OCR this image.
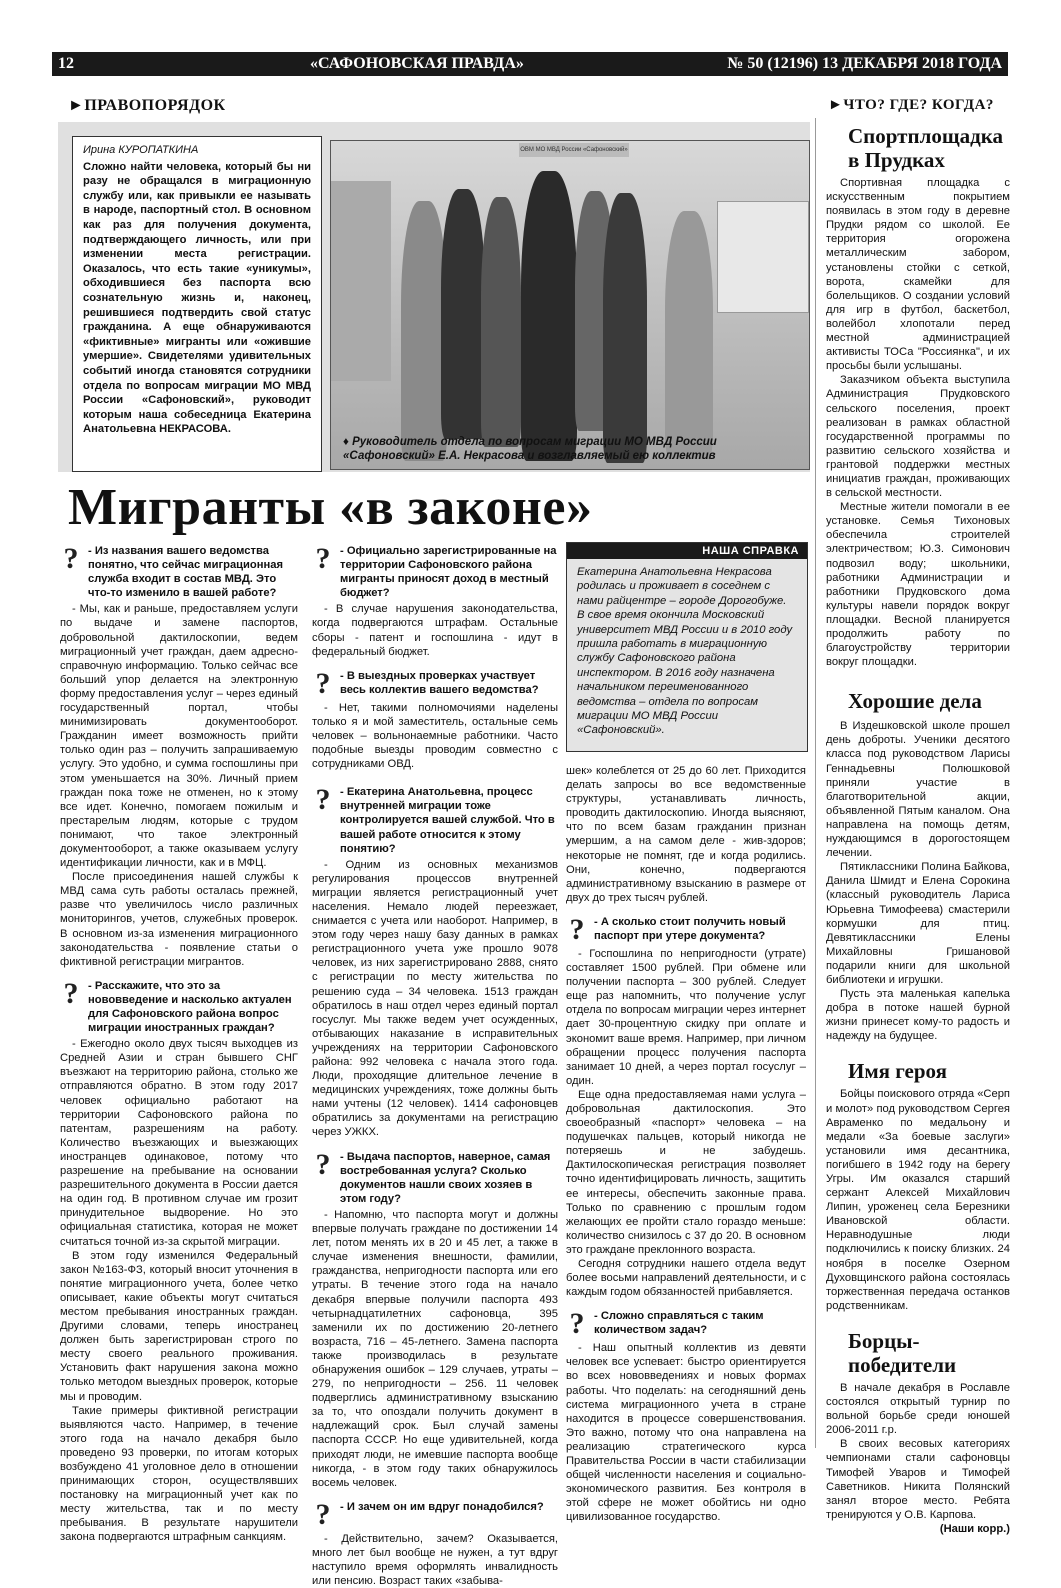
12	«САФОНОВСКАЯ ПРАВДА»	№ 50 (12196) 13 ДЕКАБРЯ 2018 ГОДА
►ПРАВОПОРЯДОК	►ЧТО? ГДЕ? КОГДА?
Ирина КУРОПАТКИНА
Сложно найти человека, который бы ни разу не обращался в миграционную службу или, как привыкли ее называть в народе, паспортный стол. В основном как раз для получения документа, подтверждающего личность, или при изменении места регистрации. Оказалось, что есть такие «уникумы», обходившиеся без паспорта всю сознательную жизнь и, наконец, решившиеся подтвердить свой статус гражданина. А еще обнаруживаются «фиктивные» мигранты или «ожившие умершие». Свидетелями удивительных событий иногда становятся сотрудники отдела по вопросам миграции МО МВД России «Сафоновский», руководит которым наша собеседница Екатерина Анатольевна НЕКРАСОВА.
ОВМ МО МВД России «Сафоновский»
♦ Руководитель отдела по вопросам миграции МО МВД России «Сафоновский» Е.А. Некрасова и возглавляемый ею коллектив
Мигранты «в законе»
НАША СПРАВКА
Екатерина Анатольевна Некрасова родилась и проживает в соседнем с нами райцентре – городе Дорогобуже. В свое время окончила Московский университет МВД России и в 2010 году пришла работать в миграционную службу Сафоновского района инспектором. В 2016 году назначена начальником переименованного ведомства – отдела по вопросам миграции МО МВД России «Сафоновский».
? - Из названия вашего ведомства понятно, что сейчас миграционная служба входит в состав МВД. Это что-то изменило в вашей работе?

- Мы, как и раньше, предоставляем услуги по выдаче и замене паспортов, добровольной дактилоскопии, ведем миграционный учет граждан, даем адресно-справочную информацию. Только сейчас все больший упор делается на электронную форму предоставления услуг – через единый государственный портал, чтобы минимизировать документооборот. Гражданин имеет возможность прийти только один раз – получить запрашиваемую услугу. Это удобно, и сумма госпошлины при этом уменьшается на 30%. Личный прием граждан пока тоже не отменен, но к этому все идет. Конечно, помогаем пожилым и престарелым людям, которые с трудом понимают, что такое электронный документооборот, а также оказываем услугу идентификации личности, как и в МФЦ.

После присоединения нашей службы к МВД сама суть работы осталась прежней, разве что увеличилось число различных мониторингов, учетов, служебных проверок. В основном из-за изменения миграционного законодательства - появление статьи о фиктивной регистрации мигрантов.

? - Расскажите, что это за нововведение и насколько актуален для Сафоновского района вопрос миграции иностранных граждан?

- Ежегодно около двух тысяч выходцев из Средней Азии и стран бывшего СНГ въезжают на территорию района, столько же отправляются обратно. В этом году 2017 человек официально работают на территории Сафоновского района по патентам, разрешениям на работу. Количество въезжающих и выезжающих иностранцев одинаковое, потому что разрешение на пребывание на основании разрешительного документа в России дается на один год. В противном случае им грозит принудительное выдворение. Но это официальная статистика, которая не может считаться точной из-за скрытой миграции.

В этом году изменился Федеральный закон №163-ФЗ, который вносит уточнения в понятие миграционного учета, более четко описывает, какие объекты могут считаться местом пребывания иностранных граждан. Другими словами, теперь иностранец должен быть зарегистрирован строго по месту своего реального проживания. Установить факт нарушения закона можно только методом выездных проверок, которые мы и проводим.

Такие примеры фиктивной регистрации выявляются часто. Например, в течение этого года на начало декабря было проведено 93 проверки, по итогам которых возбуждено 41 уголовное дело в отношении принимающих сторон, осуществлявших постановку на миграционный учет как по месту жительства, так и по месту пребывания. В результате нарушители закона подвергаются штрафным санкциям.

? - Официально зарегистрированные на территории Сафоновского района мигранты приносят доход в местный бюджет?

- В случае нарушения законодательства, когда подвергаются штрафам. Остальные сборы - патент и госпошлина - идут в федеральный бюджет.

? - В выездных проверках участвует весь коллектив вашего ведомства?

- Нет, такими полномочиями наделены только я и мой заместитель, остальные семь человек – вольнонаемные работники. Часто подобные выезды проводим совместно с сотрудниками ОВД.

? - Екатерина Анатольевна, процесс внутренней миграции тоже контролируется вашей службой. Что в вашей работе относится к этому понятию?

- Одним из основных механизмов регулирования процессов внутренней миграции является регистрационный учет населения. Немало людей переезжает, снимается с учета или наоборот. Например, в этом году через нашу базу данных в рамках регистрационного учета уже прошло 9078 человек, из них зарегистрировано 2888, снято с регистрации по месту жительства по решению суда – 34 человека. 1513 граждан обратилось в наш отдел через единый портал госуслуг. Мы также ведем учет осужденных, отбывающих наказание в исправительных учреждениях на территории Сафоновского района: 992 человека с начала этого года. Люди, проходящие длительное лечение в медицинских учреждениях, тоже должны быть нами учтены (12 человек). 1414 сафоновцев обратились за документами на регистрацию через УЖКХ.

? - Выдача паспортов, наверное, самая востребованная услуга? Сколько документов нашли своих хозяев в этом году?

- Напомню, что паспорта могут и должны впервые получать граждане по достижении 14 лет, потом менять их в 20 и 45 лет, а также в случае изменения внешности, фамилии, гражданства, непригодности паспорта или его утраты. В течение этого года на начало декабря впервые получили паспорта 493 четырнадцатилетних сафоновца, 395 заменили их по достижению 20-летнего возраста, 716 – 45-летнего. Замена паспорта также производилась в результате обнаружения ошибок – 129 случаев, утраты – 279, по непригодности – 256. 11 человек подверглись административному взысканию за то, что опоздали получить документ в надлежащий срок. Был случай замены паспорта СССР. Но еще удивительней, когда приходят люди, не имевшие паспорта вообще никогда, - в этом году таких обнаружилось восемь человек.

? - И зачем он им вдруг понадобился?

- Действительно, зачем? Оказывается, много лет был вообще не нужен, а тут вдруг наступило время оформлять инвалидность или пенсию. Возраст таких «забыва-

шек» колеблется от 25 до 60 лет. Приходится делать запросы во все ведомственные структуры, устанавливать личность, проводить дактилоскопию. Иногда выясняют, что по всем базам гражданин признан умершим, а на самом деле - жив-здоров; некоторые не помнят, где и когда родились. Они, конечно, подвергаются административному взысканию в размере от двух до трех тысяч рублей.

? - А сколько стоит получить новый паспорт при утере документа?

- Госпошлина по непригодности (утрате) составляет 1500 рублей. При обмене или получении паспорта – 300 рублей. Следует еще раз напомнить, что получение услуг отдела по вопросам миграции через интернет дает 30-процентную скидку при оплате и экономит ваше время. Например, при личном обращении процесс получения паспорта занимает 10 дней, а через портал госуслуг – один.

Еще одна предоставляемая нами услуга – добровольная дактилоскопия. Это своеобразный «паспорт» человека – на подушечках пальцев, который никогда не потеряешь и не забудешь. Дактилоскопическая регистрация позволяет точно идентифицировать личность, защитить ее интересы, обеспечить законные права. Только по сравнению с прошлым годом желающих ее пройти стало гораздо меньше: количество снизилось с 37 до 20. В основном это граждане преклонного возраста.

Сегодня сотрудники нашего отдела ведут более восьми направлений деятельности, и с каждым годом обязанностей прибавляется.

? - Сложно справляться с таким количеством задач?

- Наш опытный коллектив из девяти человек все успевает: быстро ориентируется во всех нововведениях и новых формах работы. Что поделать: на сегодняшний день система миграционного учета в стране находится в процессе совершенствования. Это важно, потому что она направлена на реализацию стратегического курса Правительства России в части стабилизации общей численности населения и социально-экономического развития. Без контроля в этой сфере не может обойтись ни одно цивилизованное государство.

Спортплощадка в Прудках

Спортивная площадка с искусственным покрытием появилась в этом году в деревне Прудки рядом со школой. Ее территория огорожена металлическим забором, установлены стойки с сеткой, ворота, скамейки для болельщиков. О создании условий для игр в футбол, баскетбол, волейбол хлопотали перед местной администрацией активисты ТОСа "Россиянка", и их просьбы были услышаны.

Заказчиком объекта выступила Администрация Прудковского сельского поселения, проект реализован в рамках областной государственной программы по развитию сельского хозяйства и грантовой поддержки местных инициатив граждан, проживающих в сельской местности.

Местные жители помогали в ее установке. Семья Тихоновых обеспечила строителей электричеством; Ю.З. Симонович подвозил воду; школьники, работники Администрации и работники Прудковского дома культуры навели порядок вокруг площадки. Весной планируется продолжить работу по благоустройству территории вокруг площадки.

Хорошие дела

В Издешковской школе прошел день доброты. Ученики десятого класса под руководством Ларисы Геннадьевны Полюшковой приняли участие в благотворительной акции, объявленной Пятым каналом. Она направлена на помощь детям, нуждающимся в дорогостоящем лечении.

Пятиклассники Полина Байкова, Данила Шмидт и Елена Сорокина (классный руководитель Лариса Юрьевна Тимофеева) смастерили кормушки для птиц. Девятиклассники Елены Михайловны Гришановой подарили книги для школьной библиотеки и игрушки.

Пусть эта маленькая капелька добра в потоке нашей бурной жизни принесет кому-то радость и надежду на будущее.

Имя героя

Бойцы поискового отряда «Серп и молот» под руководством Сергея Авраменко по медальону и медали «За боевые заслуги» установили имя десантника, погибшего в 1942 году на берегу Угры. Им оказался старший сержант Алексей Михайлович Липин, уроженец села Березники Ивановской области. Неравнодушные люди подключились к поиску близких. 24 ноября в поселке Озерном Духовщинского района состоялась торжественная передача останков родственникам.

Борцы-победители

В начале декабря в Рославле состоялся открытый турнир по вольной борьбе среди юношей 2006-2011 г.р.

В своих весовых категориях чемпионами стали сафоновцы Тимофей Уваров и Тимофей Саветников. Никита Полянский занял второе место. Ребята тренируются у О.В. Карпова.

(Наши корр.)
